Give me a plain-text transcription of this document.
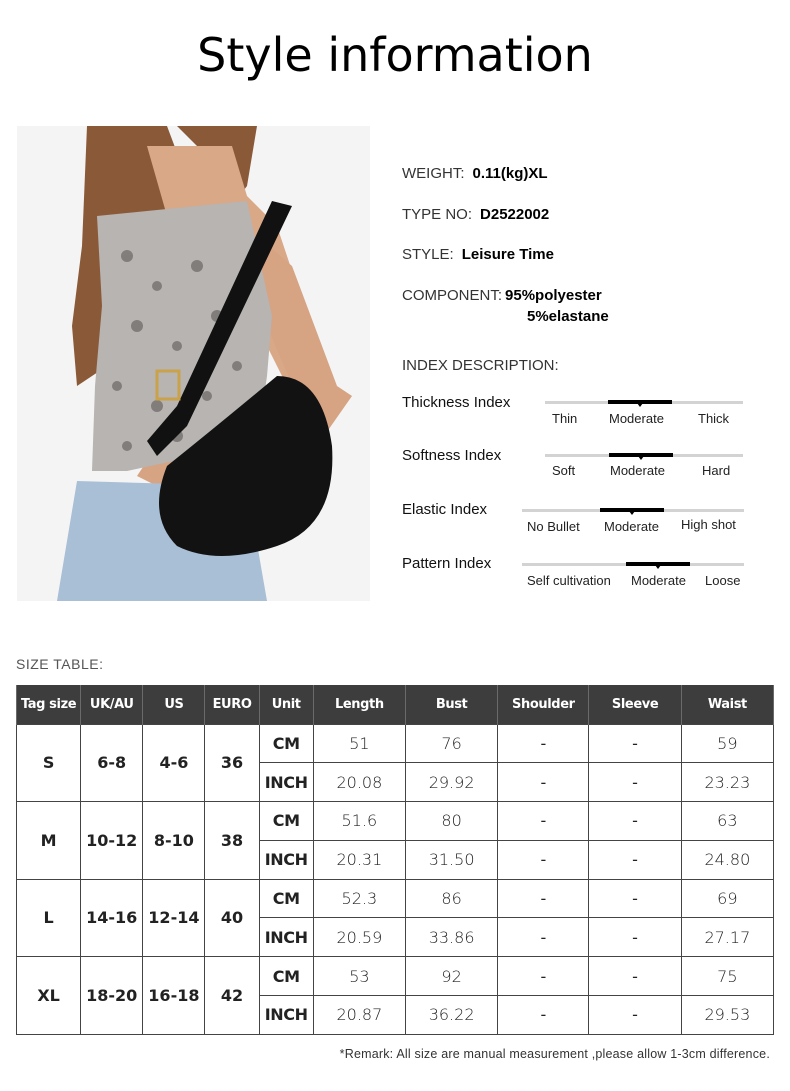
Style information
WEIGHT: 0.11(kg)XL
TYPE NO: D2522002
STYLE: Leisure Time
COMPONENT: 95%polyester
5%elastane
INDEX DESCRIPTION:
Thickness Index
Thin Moderate	Thick
Softness Index
Soft	Moderate	Hard
Elastic Index
No Bullet Moderate High shot
Pattern Index
Self cultivation Moderate Loose
SIZE TABLE:
Tag size	UK/AU	US	EURO	Unit	Length	Bust	Shoulder	Sleeve	Waist
S	6-8	4-6	36	CM	51	76	-	-	59
				INCH	20.08	29.92	-	-	23.23
M	10-12	8-10	38	CM	51.6	80	-	-	63
				INCH	20.31	31.50	-	-	24.80
L	14-16	12-14	40	CM	52.3	86	-	-	69
				INCH	20.59	33.86	-	-	27.17
XL	18-20	16-18	42	CM	53	92	-	-	75
				INCH	20.87	36.22	-	-	29.53
*Remark: All size are manual measurement ,please allow 1-3cm difference.
